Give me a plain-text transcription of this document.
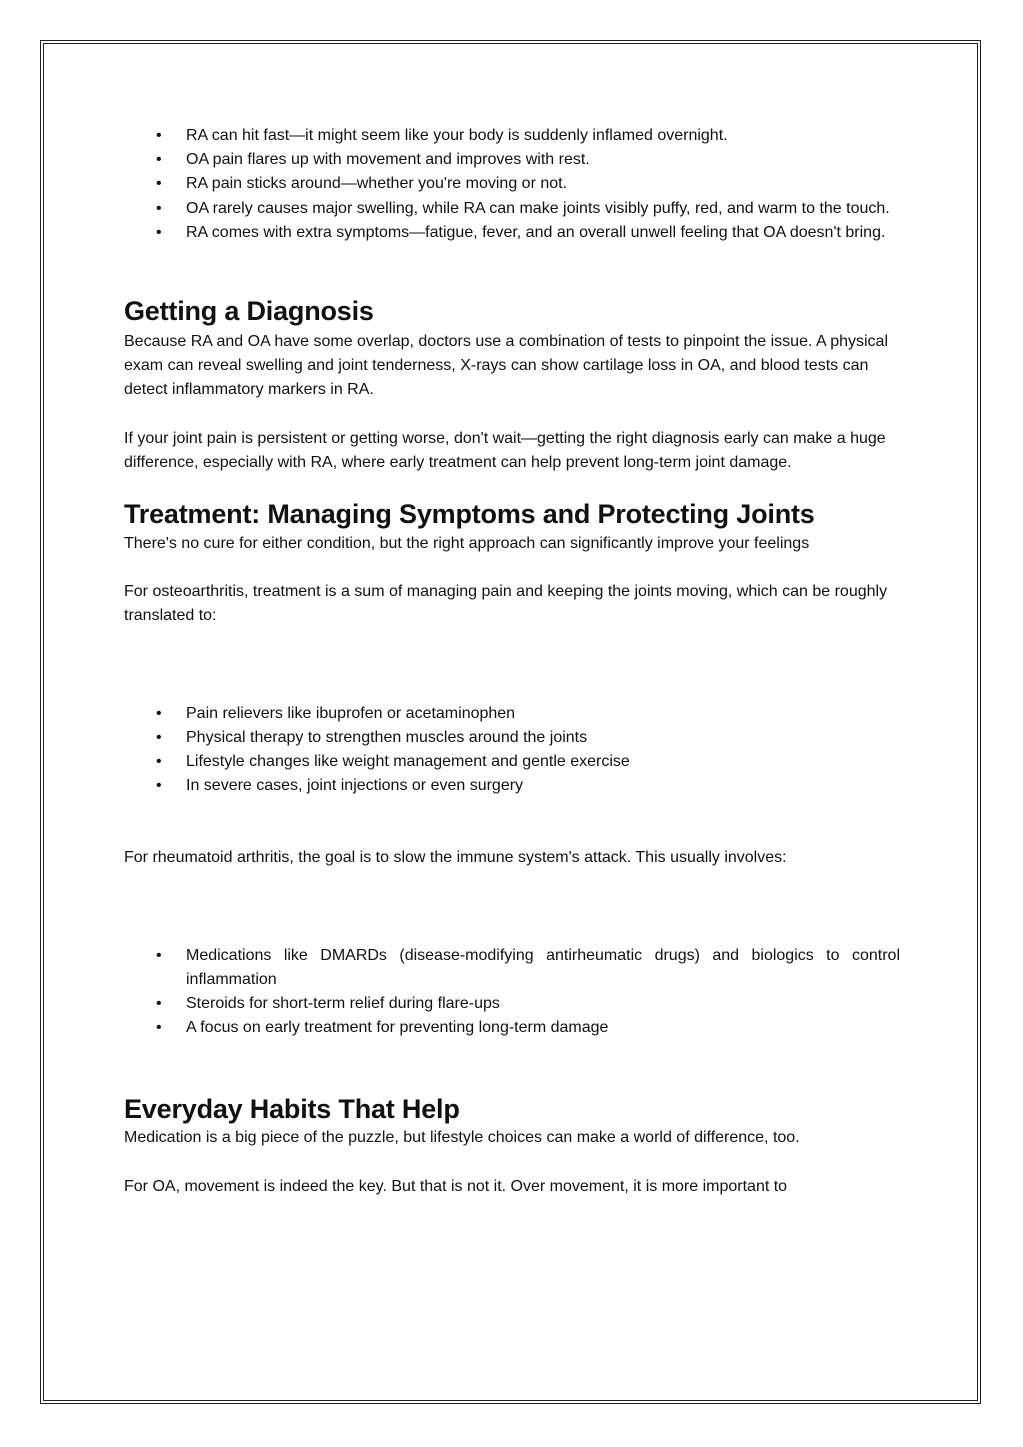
• RA can hit fast—it might seem like your body is suddenly inflamed overnight.
• OA pain flares up with movement and improves with rest.
• RA pain sticks around—whether you're moving or not.
• OA rarely causes major swelling, while RA can make joints visibly puffy, red, and warm to the touch.
• RA comes with extra symptoms—fatigue, fever, and an overall unwell feeling that OA doesn't bring.
Getting a Diagnosis

Because RA and OA have some overlap, doctors use a combination of tests to pinpoint the issue. A physical exam can reveal swelling and joint tenderness, X-rays can show cartilage loss in OA, and blood tests can detect inflammatory markers in RA.

If your joint pain is persistent or getting worse, don't wait—getting the right diagnosis early can make a huge difference, especially with RA, where early treatment can help prevent long-term joint damage.

Treatment: Managing Symptoms and Protecting Joints

There's no cure for either condition, but the right approach can significantly improve your feelings

For osteoarthritis, treatment is a sum of managing pain and keeping the joints moving, which can be roughly translated to:

• Pain relievers like ibuprofen or acetaminophen
• Physical therapy to strengthen muscles around the joints
• Lifestyle changes like weight management and gentle exercise
• In severe cases, joint injections or even surgery

For rheumatoid arthritis, the goal is to slow the immune system's attack. This usually involves:

• Medications like DMARDs (disease-modifying antirheumatic drugs) and biologics to control inflammation
• Steroids for short-term relief during flare-ups
• A focus on early treatment for preventing long-term damage
Everyday Habits That Help

Medication is a big piece of the puzzle, but lifestyle choices can make a world of difference, too.

For OA, movement is indeed the key. But that is not it. Over movement, it is more important to
